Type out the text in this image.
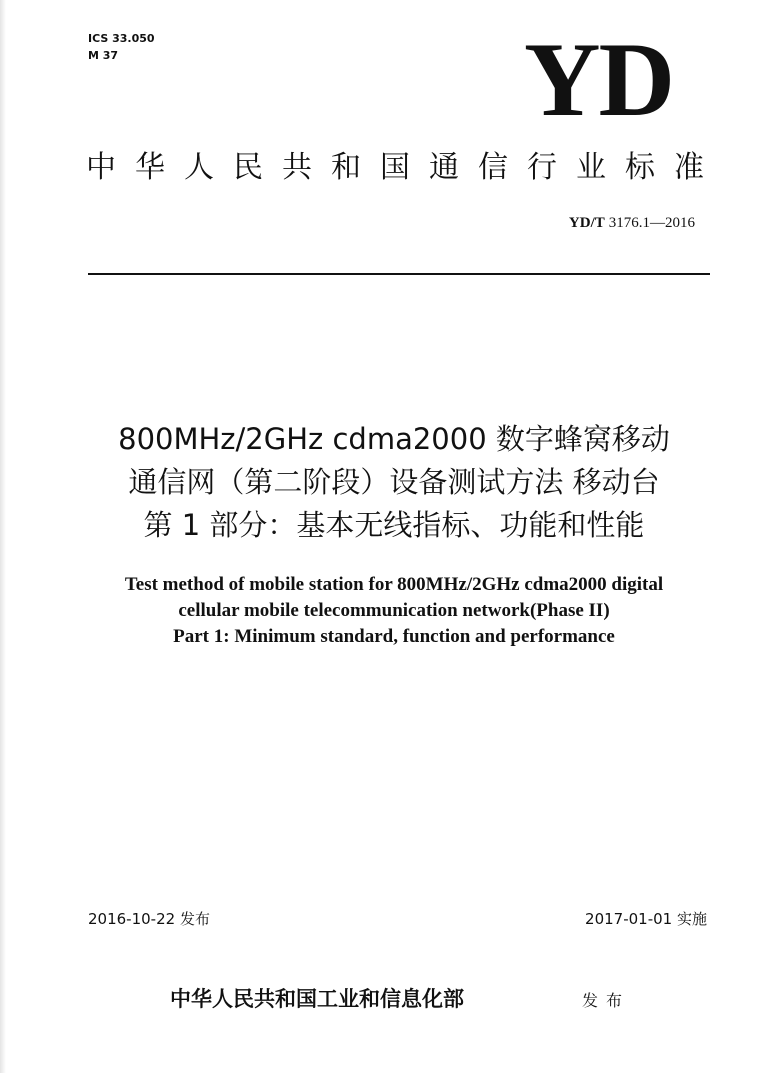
ICS 33.050
M 37	YD
中华人民共和国通信行业标准
YD/T 3176.1—2016
800MHz/2GHz cdma2000 数字蜂窝移动
通信网（第二阶段）设备测试方法 移动台
第 1 部分：基本无线指标、功能和性能
Test method of mobile station for 800MHz/2GHz cdma2000 digital
cellular mobile telecommunication network(Phase II)
Part 1: Minimum standard, function and performance
2016-10-22 发布	2017-01-01 实施
中华人民共和国工业和信息化部	发布
